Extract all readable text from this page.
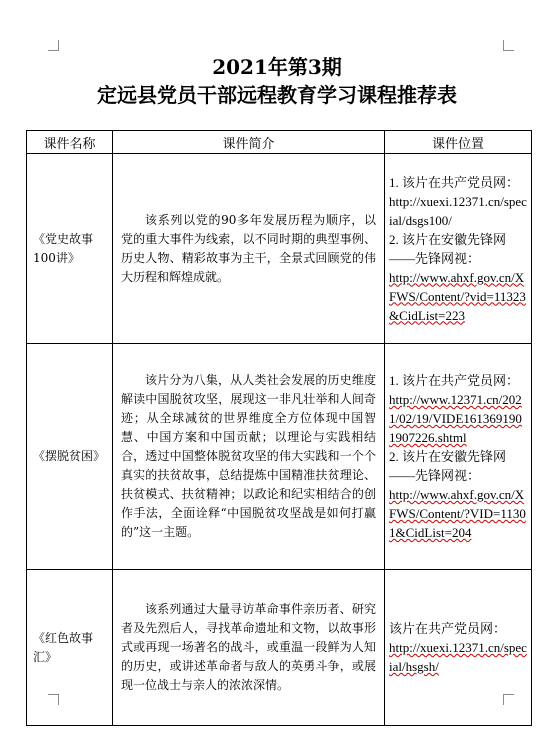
2021年第3期
定远县党员干部远程教育学习课程推荐表
课件名称	课件简介	课件位置
《党史故事100讲》	该系列以党的90多年发展历程为顺序，以党的重大事件为线索，以不同时期的典型事例、历史人物、精彩故事为主干，全景式回顾党的伟大历程和辉煌成就。	1. 该片在共产党员网：
http://xuexi.12371.cn/special/dsgs100/
2. 该片在安徽先锋网——先锋网视：
http://www.ahxf.gov.cn/XFWS/Content/?vid=11323&CidList=223

《摆脱贫困》	该片分为八集，从人类社会发展的历史维度解读中国脱贫攻坚，展现这一非凡壮举和人间奇迹；从全球减贫的世界维度全方位体现中国智慧、中国方案和中国贡献；以理论与实践相结合，透过中国整体脱贫攻坚的伟大实践和一个个真实的扶贫故事，总结提炼中国精准扶贫理论、扶贫模式、扶贫精神；以政论和纪实相结合的创作手法，全面诠释“中国脱贫攻坚战是如何打赢的”这一主题。	1. 该片在共产党员网：
http://www.12371.cn/2021/02/19/VIDE1613691901907226.shtml
2. 该片在安徽先锋网——先锋网视：
http://www.ahxf.gov.cn/XFWS/Content/?VID=11301&CidList=204

《红色故事汇》	该系列通过大量寻访革命事件亲历者、研究者及先烈后人，寻找革命遗址和文物，以故事形式或再现一场著名的战斗，或重温一段鲜为人知的历史，或讲述革命者与敌人的英勇斗争，或展现一位战士与亲人的浓浓深情。	该片在共产党员网：
http://xuexi.12371.cn/special/hsgsh/
